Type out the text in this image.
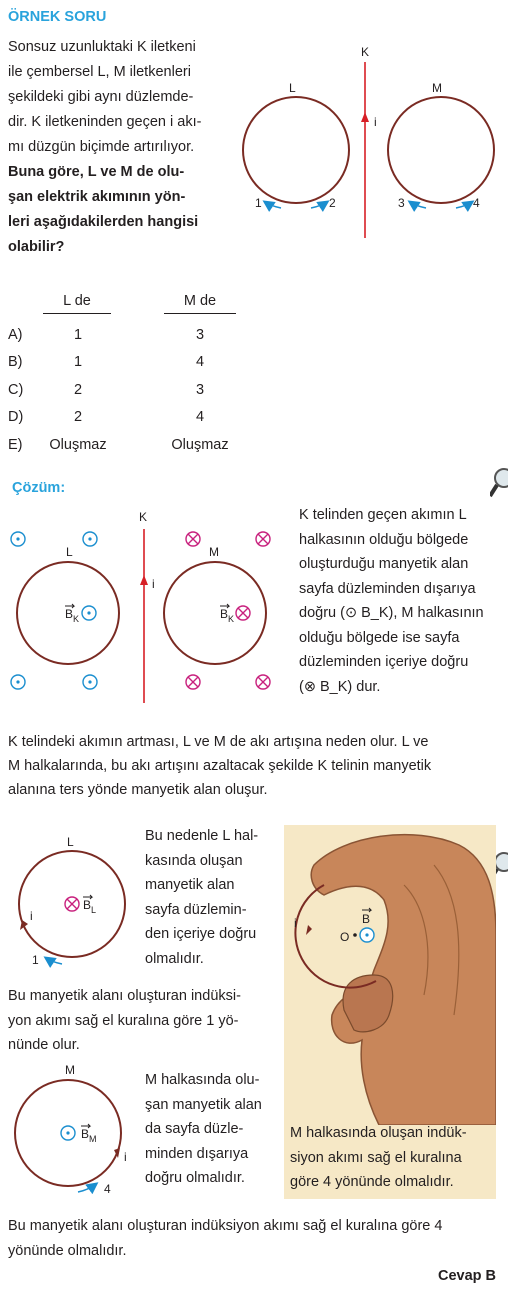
ÖRNEK SORU
Sonsuz uzunluktaki K iletkeni
ile çembersel L, M iletkenleri
şekildeki gibi aynı düzlemde-
dir. K iletkeninden geçen i akı-
mı düzgün biçimde artırılıyor.
Buna göre, L ve M de olu-
şan elektrik akımının yön-
leri aşağıdakilerden hangisi
olabilir?
K
i
L	M
1	2	3	4
L de	M de
A)	1	3
B)	1	4
C)	2	3
D)	2	4
E)	Oluşmaz	Oluşmaz
Çözüm:
K
i
L
$B_K$
M
$B_K$
K telinden geçen akımın L
halkasının olduğu bölgede
oluşturduğu manyetik alan
sayfa düzleminden dışarıya
doğru (⊙ B_K), M halkasının
olduğu bölgede ise sayfa
düzleminden içeriye doğru
(⊗ B_K) dur.
K telindeki akımın artması, L ve M de akı artışına neden olur. L ve
M halkalarında, bu akı artışını azaltacak şekilde K telinin manyetik
alanına ters yönde manyetik alan oluşur.
L
i
$B_L$
1
Bu nedenle L hal-
kasında oluşan
manyetik alan
sayfa düzlemin-
den içeriye doğru
olmalıdır.
Bu manyetik alanı oluşturan indüksi-
yon akımı sağ el kuralına göre 1 yö-
nünde olur.
M
i
$B_M$
4
M halkasında olu-
şan manyetik alan
da sayfa düzle-
minden dışarıya
doğru olmalıdır.
i
O
B
M halkasında oluşan indük-
siyon akımı sağ el kuralına
göre 4 yönünde olmalıdır.
Bu manyetik alanı oluşturan indüksiyon akımı sağ el kuralına göre 4
yönünde olmalıdır.
Cevap B
